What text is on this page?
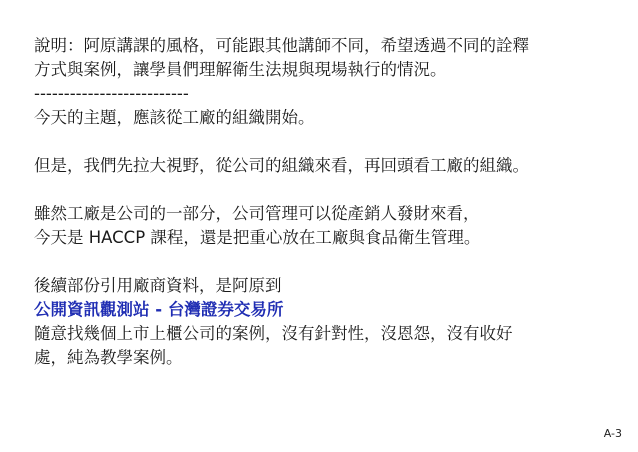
說明：阿原講課的風格，可能跟其他講師不同，希望透過不同的詮釋
方式與案例，讓學員們理解衛生法規與現場執行的情況。
--------------------------
今天的主題，應該從工廠的組織開始。
但是，我們先拉大視野，從公司的組織來看，再回頭看工廠的組織。
雖然工廠是公司的一部分，公司管理可以從產銷人發財來看，
今天是 HACCP 課程，還是把重心放在工廠與食品衛生管理。
後續部份引用廠商資料，是阿原到
公開資訊觀測站 - 台灣證券交易所
隨意找幾個上市上櫃公司的案例，沒有針對性，沒恩怨，沒有收好
處，純為教學案例。
A-3
